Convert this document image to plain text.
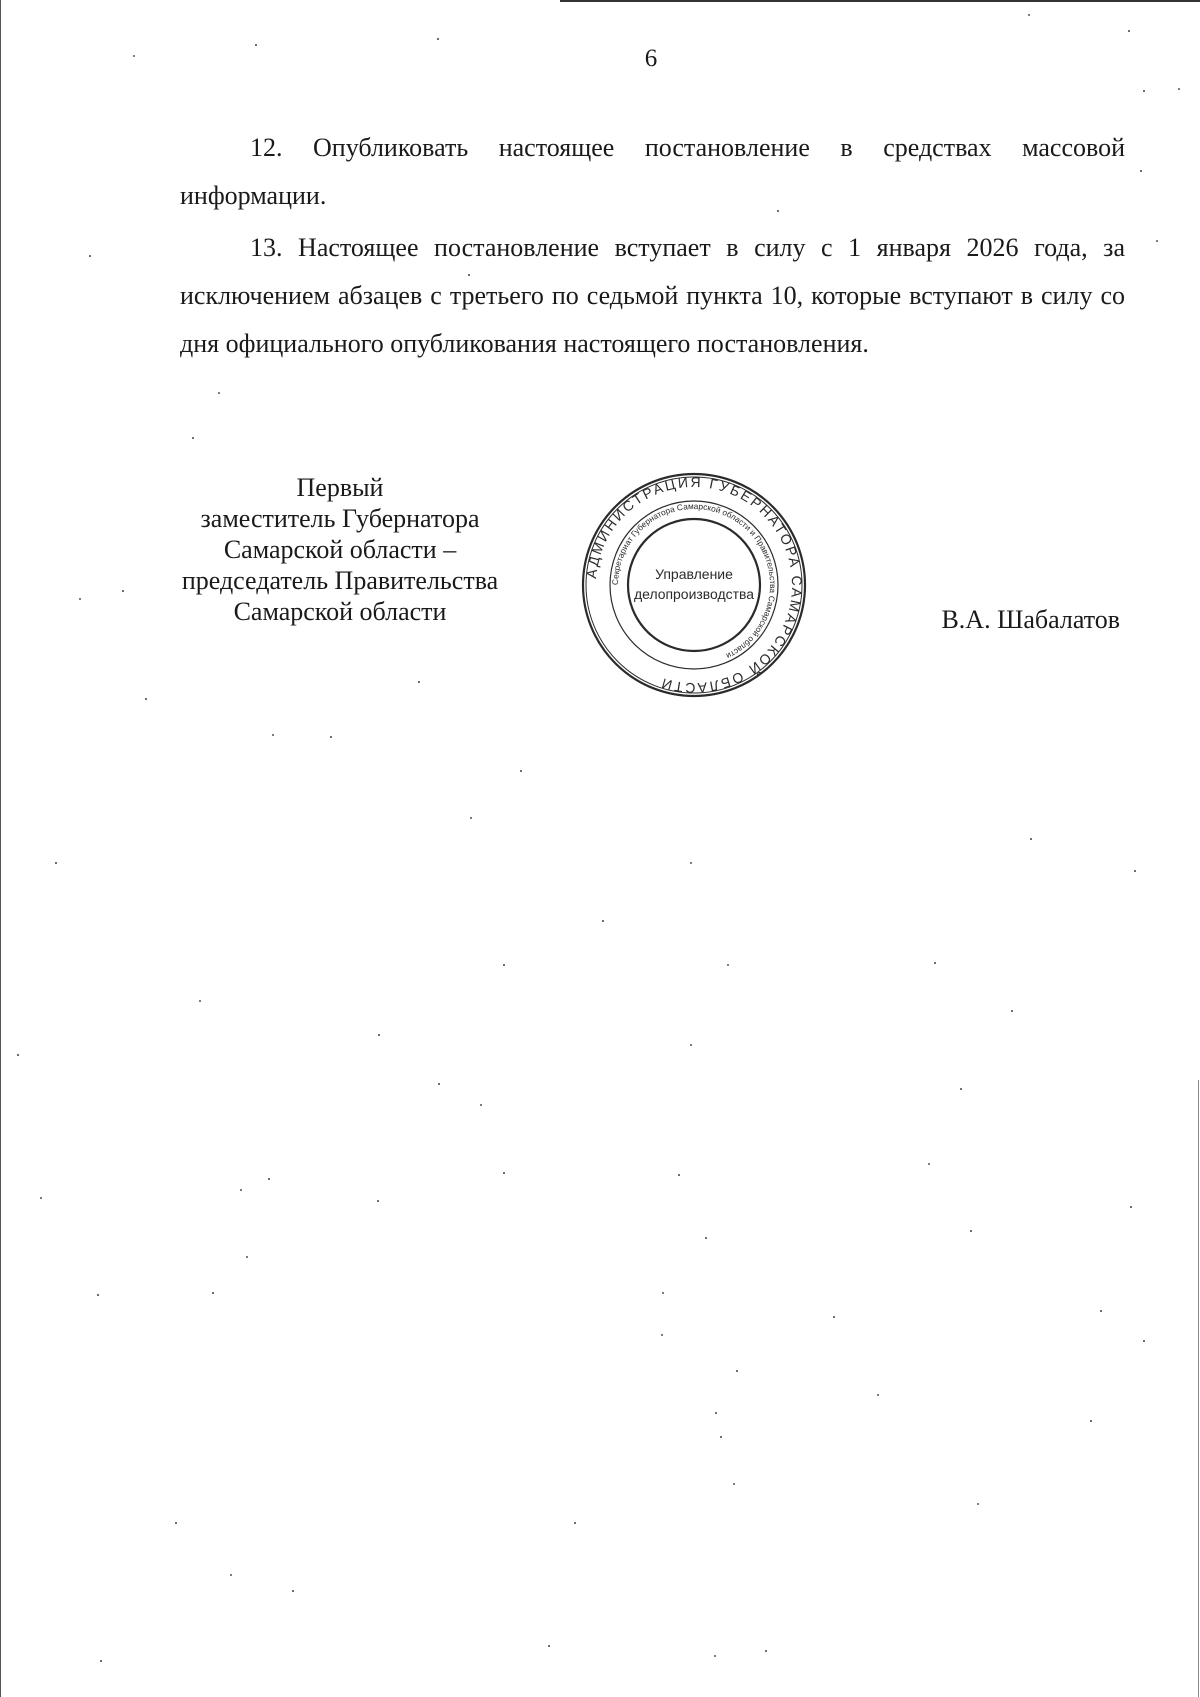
6

12. Опубликовать настоящее постановление в средствах массовой информации.

13. Настоящее постановление вступает в силу с 1 января 2026 года, за исключением абзацев с третьего по седьмой пункта 10, которые вступают в силу со дня официального опубликования настоящего постановления.

Первый
заместитель Губернатора
Самарской области –
председатель Правительства
Самарской области
АДМИНИСТРАЦИЯ ГУБЕРНАТОРА САМАРСКОЙ ОБЛАСТИ
Секретариат Губернатора Самарской области и Правительства Самарской области
Управление
делопроизводства
В.А. Шабалатов
